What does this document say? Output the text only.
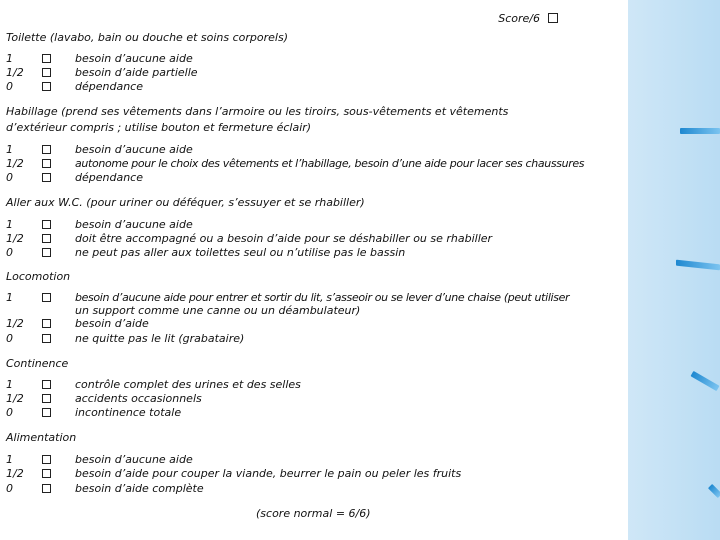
Score/6
Toilette (lavabo, bain ou douche et soins corporels)
1	besoin d’aucune aide
1/2	besoin d’aide partielle
0	dépendance
Habillage (prend ses vêtements dans l’armoire ou les tiroirs, sous-vêtements et vêtements
d’extérieur compris ; utilise bouton et fermeture éclair)
1	besoin d’aucune aide
1/2	autonome pour le choix des vêtements et l’habillage, besoin d’une aide pour lacer ses chaussures
0	dépendance
Aller aux W.C. (pour uriner ou déféquer, s’essuyer et se rhabiller)
1	besoin d’aucune aide
1/2	doit être accompagné ou a besoin d’aide pour se déshabiller ou se rhabiller
0	ne peut pas aller aux toilettes seul ou n’utilise pas le bassin
Locomotion
1	besoin d’aucune aide pour entrer et sortir du lit, s’asseoir ou se lever d’une chaise (peut utiliser
un support comme une canne ou un déambulateur)
1/2	besoin d’aide
0	ne quitte pas le lit (grabataire)
Continence
1	contrôle complet des urines et des selles
1/2	accidents occasionnels
0	incontinence totale
Alimentation
1	besoin d’aucune aide
1/2	besoin d’aide pour couper la viande, beurrer le pain ou peler les fruits
0	besoin d’aide complète
(score normal = 6/6)
